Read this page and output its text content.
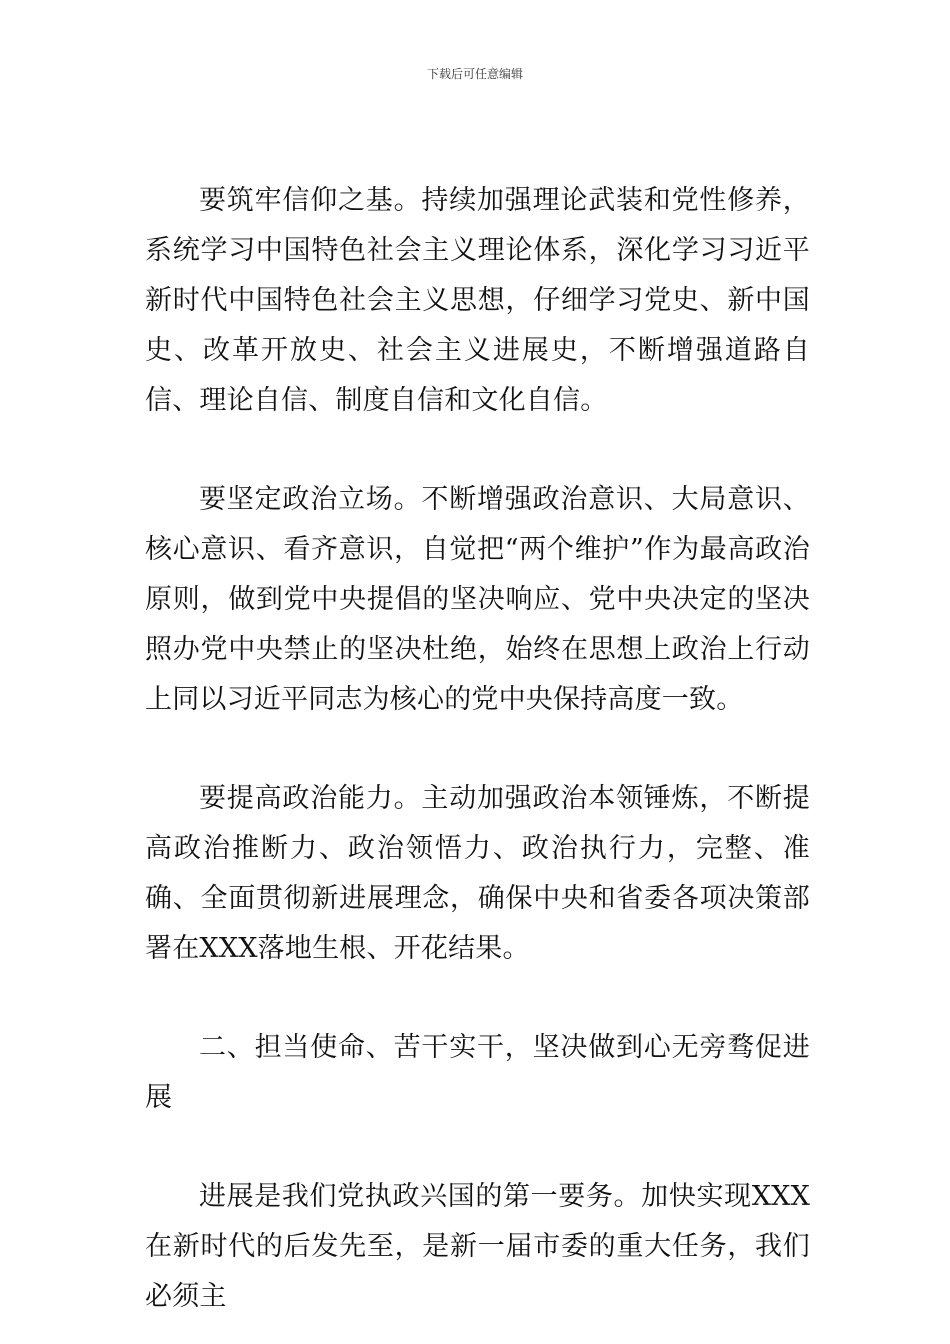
下载后可任意编辑

要筑牢信仰之基。持续加强理论武装和党性修养，系统学习中国特色社会主义理论体系，深化学习习近平新时代中国特色社会主义思想，仔细学习党史、新中国史、改革开放史、社会主义进展史，不断增强道路自信、理论自信、制度自信和文化自信。

要坚定政治立场。不断增强政治意识、大局意识、核心意识、看齐意识，自觉把“两个维护”作为最高政治原则，做到党中央提倡的坚决响应、党中央决定的坚决照办党中央禁止的坚决杜绝，始终在思想上政治上行动上同以习近平同志为核心的党中央保持高度一致。

要提高政治能力。主动加强政治本领锤炼，不断提高政治推断力、政治领悟力、政治执行力，完整、准确、全面贯彻新进展理念，确保中央和省委各项决策部署在XXX落地生根、开花结果。

二、担当使命、苦干实干，坚决做到心无旁骛促进展

进展是我们党执政兴国的第一要务。加快实现XXX在新时代的后发先至，是新一届市委的重大任务，我们必须主
